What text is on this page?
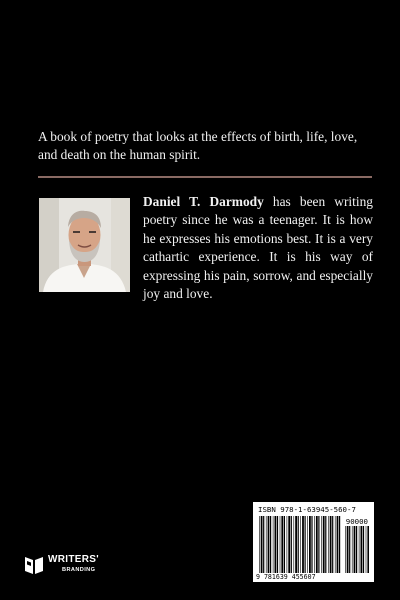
A book of poetry that looks at the effects of birth, life, love, and death on the human spirit.

Daniel T. Darmody has been writing poetry since he was a teenager. It is how he expresses his emotions best. It is a very cathartic experience. It is his way of expressing his pain, sorrow, and especially joy and love.

ISBN 978-1-63945-560-7
90000
9 781639 455607
WRITERS'
BRANDING
